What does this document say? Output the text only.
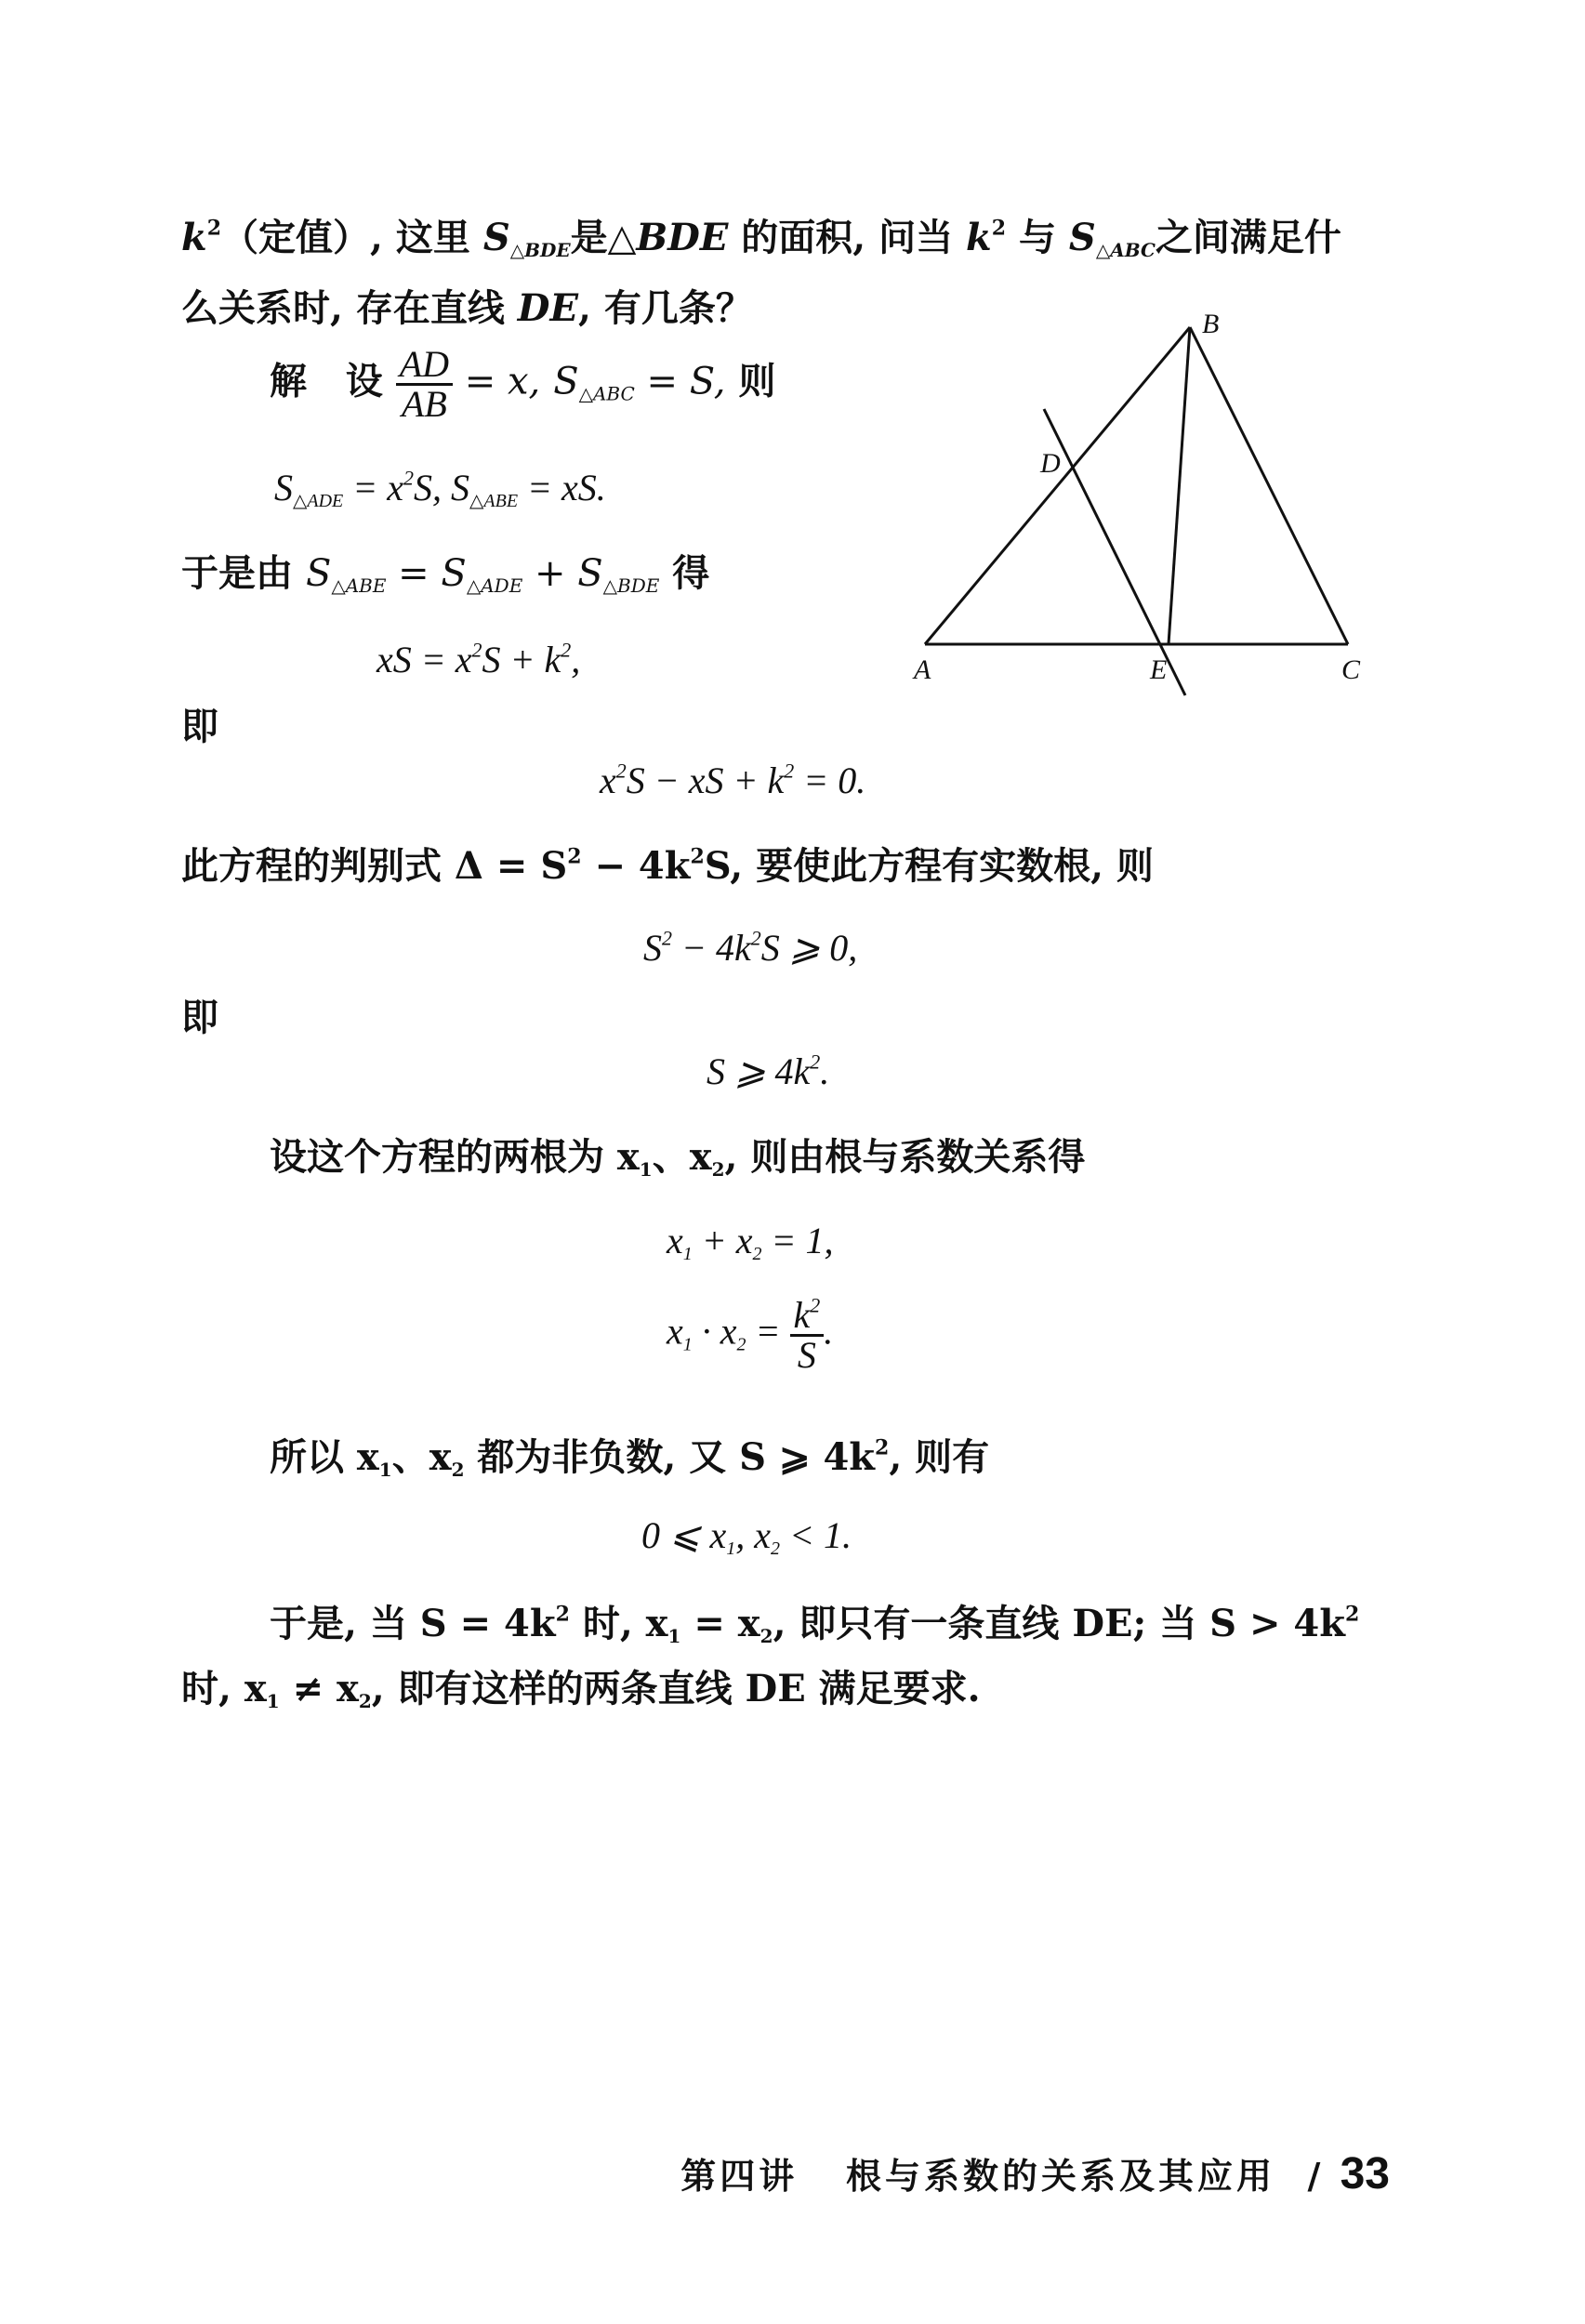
$k^2$（定值）, 这里 $S_{\triangle BDE}$是△BDE 的面积, 问当 $k^2$ 与 $S_{\triangle ABC}$之间满足什
么关系时, 存在直线 DE, 有几条？
解 设 $\frac{AD}{AB} = x$, $S_{\triangle ABC} = S$, 则
$S_{\triangle ADE} = x^2S$, $S_{\triangle ABE}$ = xS.
于是由 $S_{\triangle ABE} = S_{\triangle ADE} + S_{\triangle BDE}$ 得
xS = $x^2S + k^2$,
即
$x^2S$ − xS + $k^2 = 0$.
此方程的判别式 $\Delta = S^2 - 4k^2S$, 要使此方程有实数根, 则
$S^2 - 4k^2S$ ⩾ 0,
即
S ⩾ $4k^2$.
设这个方程的两根为 $x_1$、$x_2$, 则由根与系数关系得
$x_1 + x_2 = 1$,
$x_1 \cdot x_2 = \frac{k^2}{S}$ .
所以 $x_1$、$x_2$ 都为非负数, 又 S ⩾ $4k^2$, 则有
0 ⩽ $x_1$, $x_2 < 1$.
于是, 当 $S = 4k^2$ 时, $x_1 = x_2$, 即只有一条直线 DE; 当 $S > 4k^2$
时, $x_1 \ne x_2$, 即有这样的两条直线 DE 满足要求.
A
B
C
D
E
第四讲 根与系数的关系及其应用 / 33
